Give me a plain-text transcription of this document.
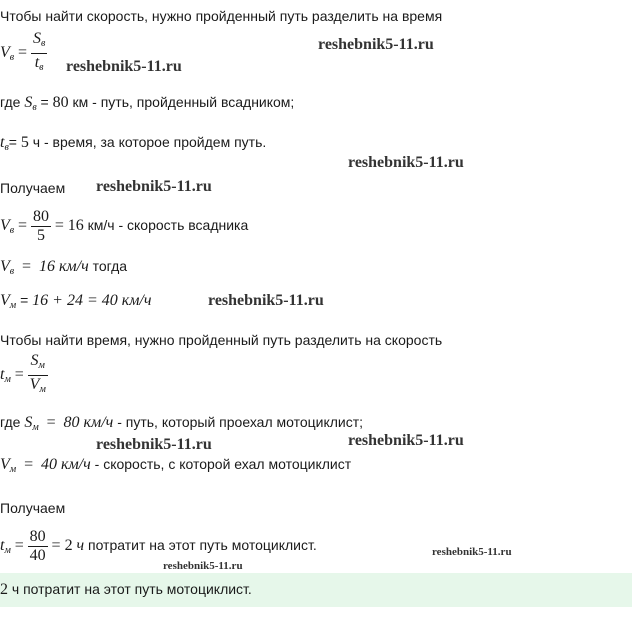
Чтобы найти скорость, нужно пройденный путь разделить на время
$V_в = \frac{S_в}{t_в}$ reshebnik5-11.ru
reshebnik5-11.ru
где $S_в = 80$ км - путь, пройденный всадником;
$t_в= 5$ ч - время, за которое пройдем путь.
reshebnik5-11.ru
Получаем reshebnik5-11.ru
$V_в = \frac{80}{5} = 16$ км/ч - скорость всадника
$V_в = 16$ км/ч тогда
$V_м = 16 + 24 = 40$ км/ч	reshebnik5-11.ru
Чтобы найти время, нужно пройденный путь разделить на скорость
$t_м = \frac{S_м}{V_м}$
где $S_м = 80$ км/ч - путь, который проехал мотоциклист;
reshebnik5-11.ru	reshebnik5-11.ru
$V_м = 40$ км/ч - скорость, с которой ехал мотоциклист
Получаем
$t_м = \frac{80}{40} = 2$ ч потратит на этот путь мотоциклист.	reshebnik5-11.ru
reshebnik5-11.ru
2 ч потратит на этот путь мотоциклист.
